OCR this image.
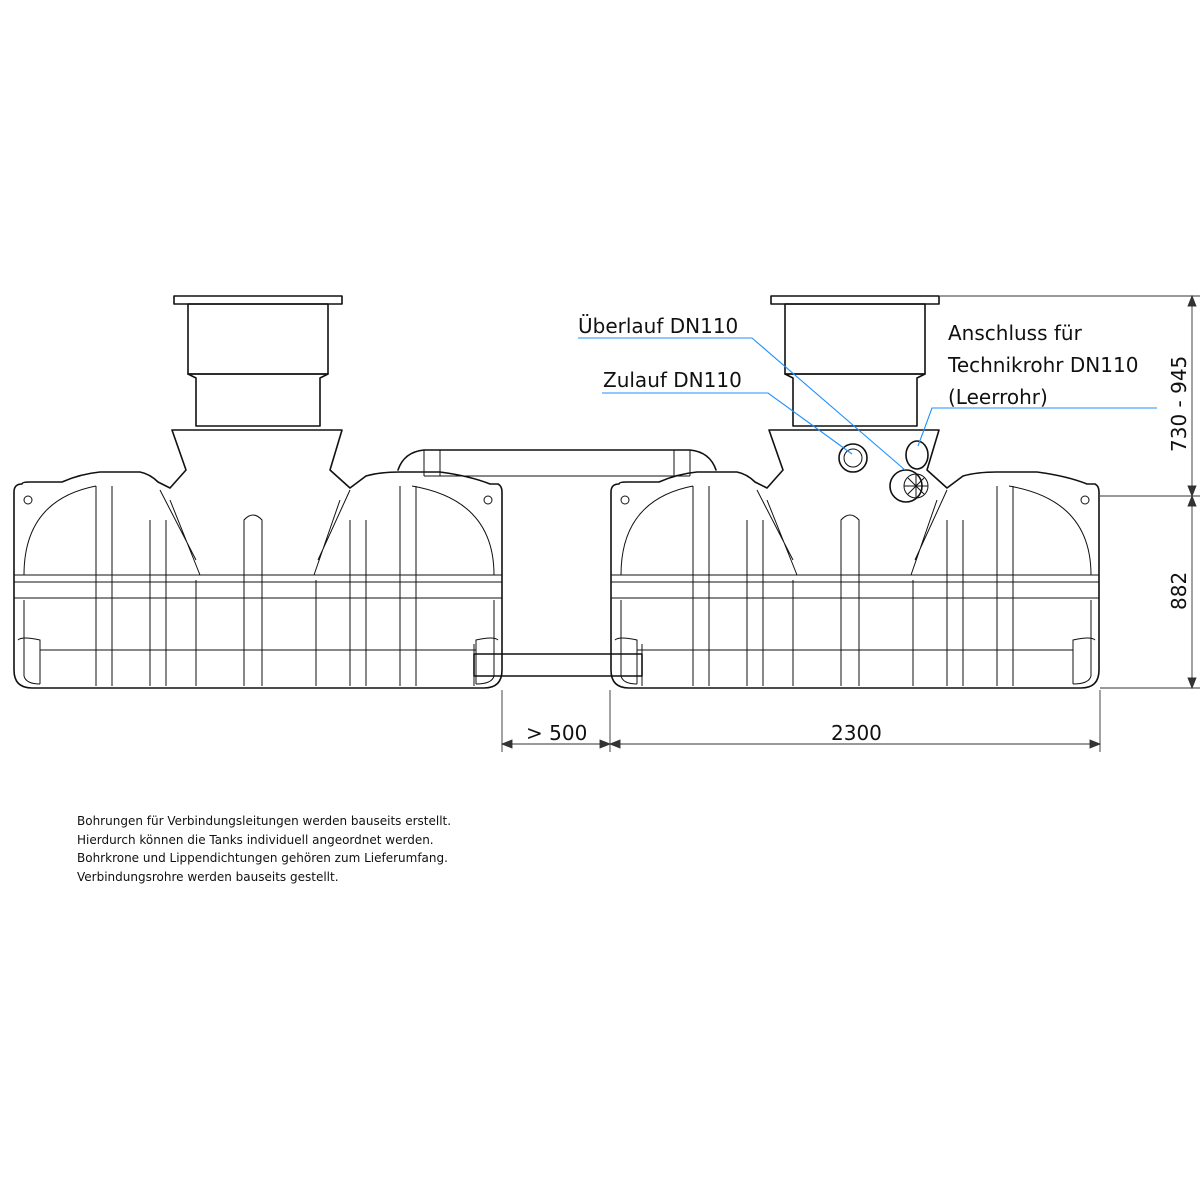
Überlauf DN110
Zulauf DN110
Anschluss für
Technikrohr DN110
(Leerrohr)
> 500	2300
730 - 945
882
Bohrungen für Verbindungsleitungen werden bauseits erstellt.
Hierdurch können die Tanks individuell angeordnet werden.
Bohrkrone und Lippendichtungen gehören zum Lieferumfang.
Verbindungsrohre werden bauseits gestellt.
